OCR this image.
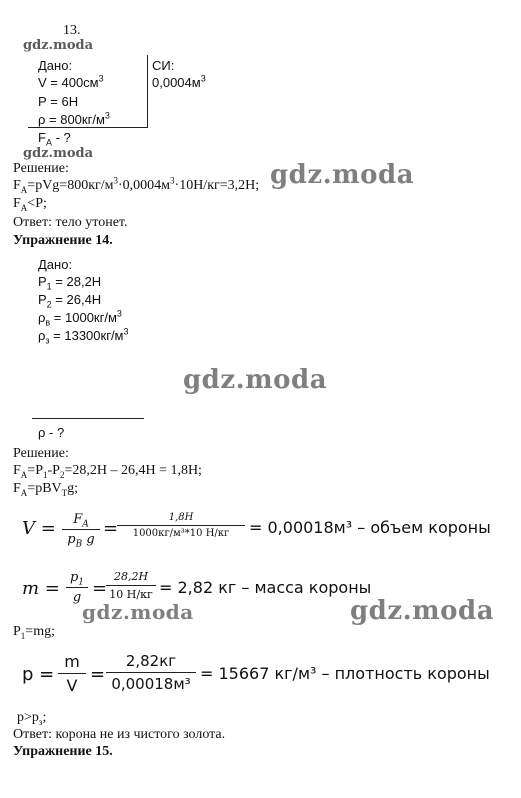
13.
gdz.moda
Дано:
$V = 400см^3$
Р = 6Н
$\rho = 800кг/м^3$
$F_A$ - ?
СИ:
$0,0004м^3$
gdz.moda
Решение:
$F_A=pVg=800кг/м^3\cdot 0,0004м^3\cdot 10Н/кг=3,2Н$; gdz.moda
$F_A<P$;
Ответ: тело утонет.
Упражнение 14.
Дано:
$P_1 = 28,2Н$
$P_2 = 26,4Н$
$\rho_в = 1000кг/м^3$
$\rho_з = 13300кг/м^3$
gdz.moda
ρ - ?
Решение:
$F_A=P_1-P_2=28,2Н - 26,4Н = 1,8Н$;
$F_A=pBV_Tg$;
V =	$F_A$
$p_В$ g
=
1,8H
1000кг/м³*10 Н/кг	= 0,00018м³ – объем короны
m =
$p_1$
g =
28,2H
10 Н/кг = 2,82 кг – масса короны
gdz.moda	gdz.moda
$P_1=mg$;
p =
m
V
=
2,82кг
0,00018м³
= 15667 кг/м³ – плотность короны
$p>p_з$;
Ответ: корона не из чистого золота.
Упражнение 15.
